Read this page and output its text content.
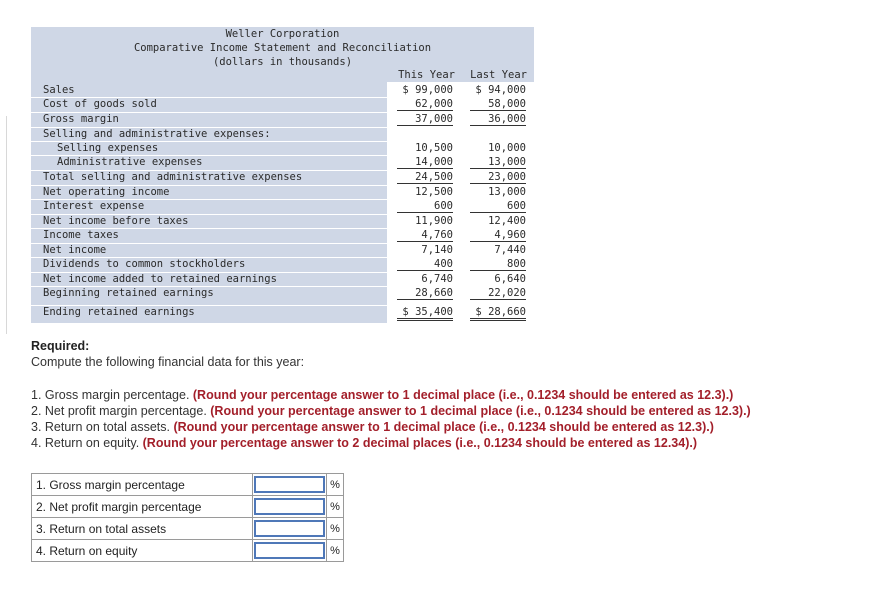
Weller Corporation
Comparative Income Statement and Reconciliation
(dollars in thousands)
This Year	Last Year
Sales	$ 99,000	$ 94,000
Cost of goods sold	62,000	58,000
Gross margin	37,000	36,000
Selling and administrative expenses:
Selling expenses	10,500	10,000
Administrative expenses	14,000	13,000
Total selling and administrative expenses	24,500	23,000
Net operating income	12,500	13,000
Interest expense	600	600
Net income before taxes	11,900	12,400
Income taxes	4,760	4,960
Net income	7,140	7,440
Dividends to common stockholders	400	800
Net income added to retained earnings	6,740	6,640
Beginning retained earnings	28,660	22,020
Ending retained earnings	$ 35,400	$ 28,660
Required:
Compute the following financial data for this year:
1. Gross margin percentage. (Round your percentage answer to 1 decimal place (i.e., 0.1234 should be entered as 12.3).)
2. Net profit margin percentage. (Round your percentage answer to 1 decimal place (i.e., 0.1234 should be entered as 12.3).)
3. Return on total assets. (Round your percentage answer to 1 decimal place (i.e., 0.1234 should be entered as 12.3).)
4. Return on equity. (Round your percentage answer to 2 decimal places (i.e., 0.1234 should be entered as 12.34).)
1. Gross margin percentage		%
2. Net profit margin percentage		%
3. Return on total assets		%
4. Return on equity		%
